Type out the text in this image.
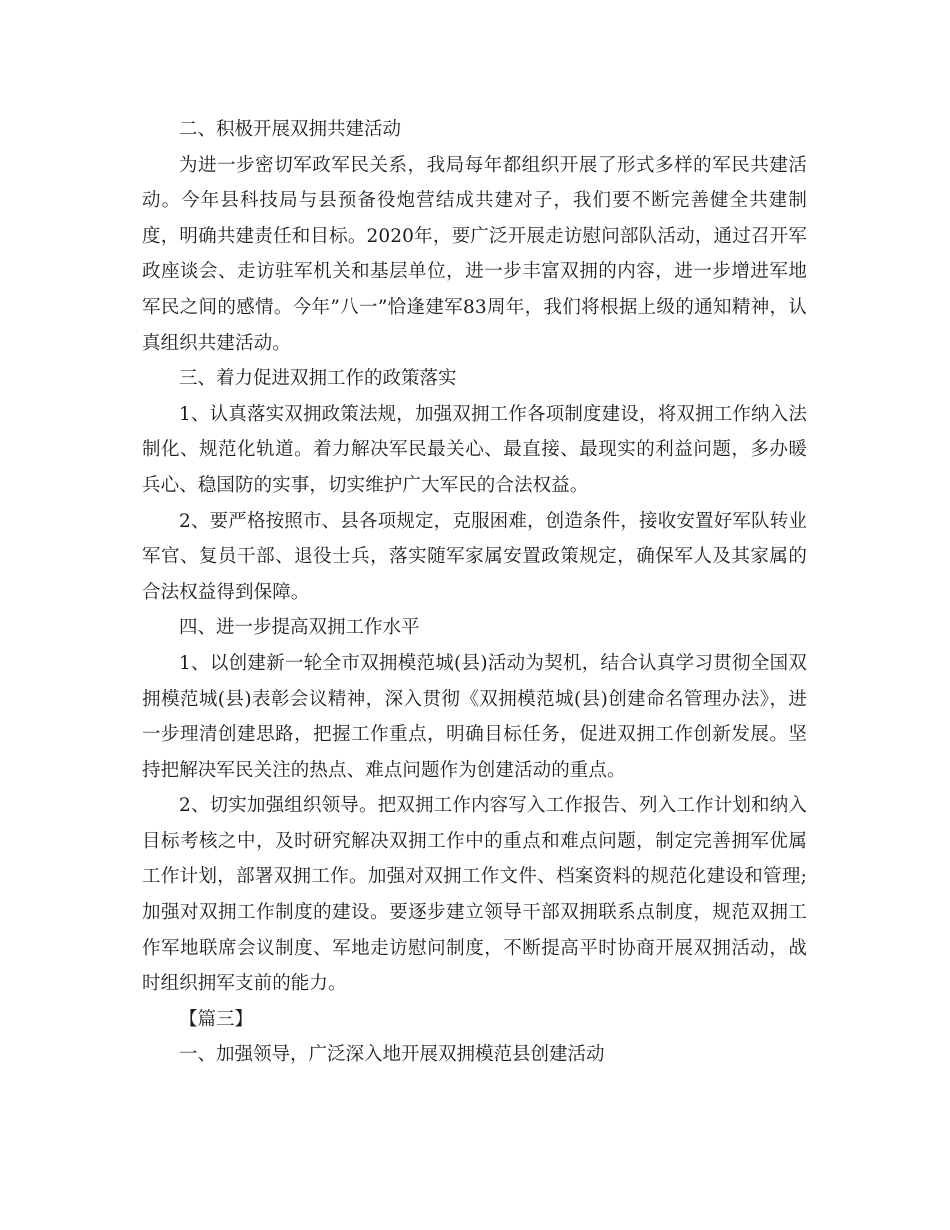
二、积极开展双拥共建活动

为进一步密切军政军民关系，我局每年都组织开展了形式多样的军民共建活动。今年县科技局与县预备役炮营结成共建对子，我们要不断完善健全共建制度，明确共建责任和目标。2020年，要广泛开展走访慰问部队活动，通过召开军政座谈会、走访驻军机关和基层单位，进一步丰富双拥的内容，进一步增进军地军民之间的感情。今年”八一”恰逢建军83周年，我们将根据上级的通知精神，认真组织共建活动。

三、着力促进双拥工作的政策落实

1、认真落实双拥政策法规，加强双拥工作各项制度建设，将双拥工作纳入法制化、规范化轨道。着力解决军民最关心、最直接、最现实的利益问题，多办暖兵心、稳国防的实事，切实维护广大军民的合法权益。

2、要严格按照市、县各项规定，克服困难，创造条件，接收安置好军队转业军官、复员干部、退役士兵，落实随军家属安置政策规定，确保军人及其家属的合法权益得到保障。

四、进一步提高双拥工作水平

1、以创建新一轮全市双拥模范城(县)活动为契机，结合认真学习贯彻全国双拥模范城(县)表彰会议精神，深入贯彻《双拥模范城(县)创建命名管理办法》，进一步理清创建思路，把握工作重点，明确目标任务，促进双拥工作创新发展。坚持把解决军民关注的热点、难点问题作为创建活动的重点。

2、切实加强组织领导。把双拥工作内容写入工作报告、列入工作计划和纳入目标考核之中，及时研究解决双拥工作中的重点和难点问题，制定完善拥军优属工作计划，部署双拥工作。加强对双拥工作文件、档案资料的规范化建设和管理;加强对双拥工作制度的建设。要逐步建立领导干部双拥联系点制度，规范双拥工作军地联席会议制度、军地走访慰问制度，不断提高平时协商开展双拥活动，战时组织拥军支前的能力。

【篇三】

一、加强领导，广泛深入地开展双拥模范县创建活动
